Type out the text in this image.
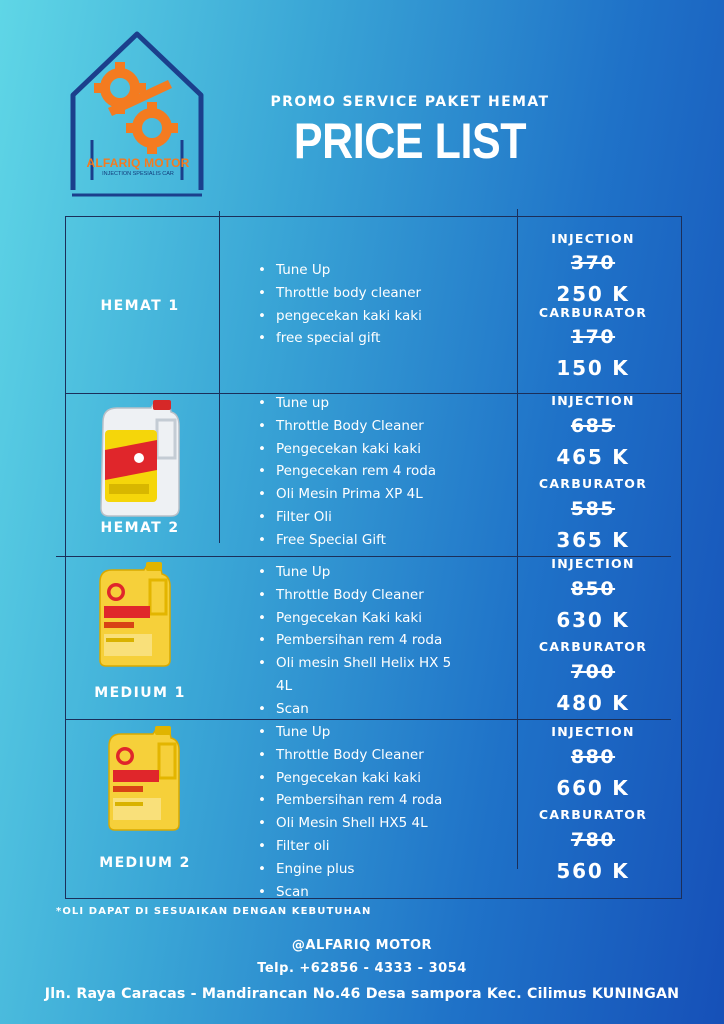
ALFARIQ MOTOR
INJECTION SPESIALIS CAR
PROMO SERVICE PAKET HEMAT
PRICE LIST
HEMAT 1
• Tune Up
• Throttle body cleaner
• pengecekan kaki kaki
• free special gift
INJECTION
370
250 K
CARBURATOR
170
150 K
HEMAT 2
• Tune up
• Throttle Body Cleaner
• Pengecekan kaki kaki
• Pengecekan rem 4 roda
• Oli Mesin Prima XP 4L
• Filter Oli
• Free Special Gift
INJECTION
685
465 K
CARBURATOR
585
365 K
MEDIUM 1
• Tune Up
• Throttle Body Cleaner
• Pengecekan Kaki kaki
• Pembersihan rem 4 roda
• Oli mesin Shell Helix HX 5
4L
• Scan
INJECTION
850
630 K
CARBURATOR
700
480 K
MEDIUM 2
• Tune Up
• Throttle Body Cleaner
• Pengecekan kaki kaki
• Pembersihan rem 4 roda
• Oli Mesin Shell HX5 4L
• Filter oli
• Engine plus
• Scan
INJECTION
880
660 K
CARBURATOR
780
560 K
*OLI DAPAT DI SESUAIKAN DENGAN KEBUTUHAN
@ALFARIQ MOTOR
Telp. +62856 - 4333 - 3054
Jln. Raya Caracas - Mandirancan No.46 Desa sampora Kec. Cilimus KUNINGAN
